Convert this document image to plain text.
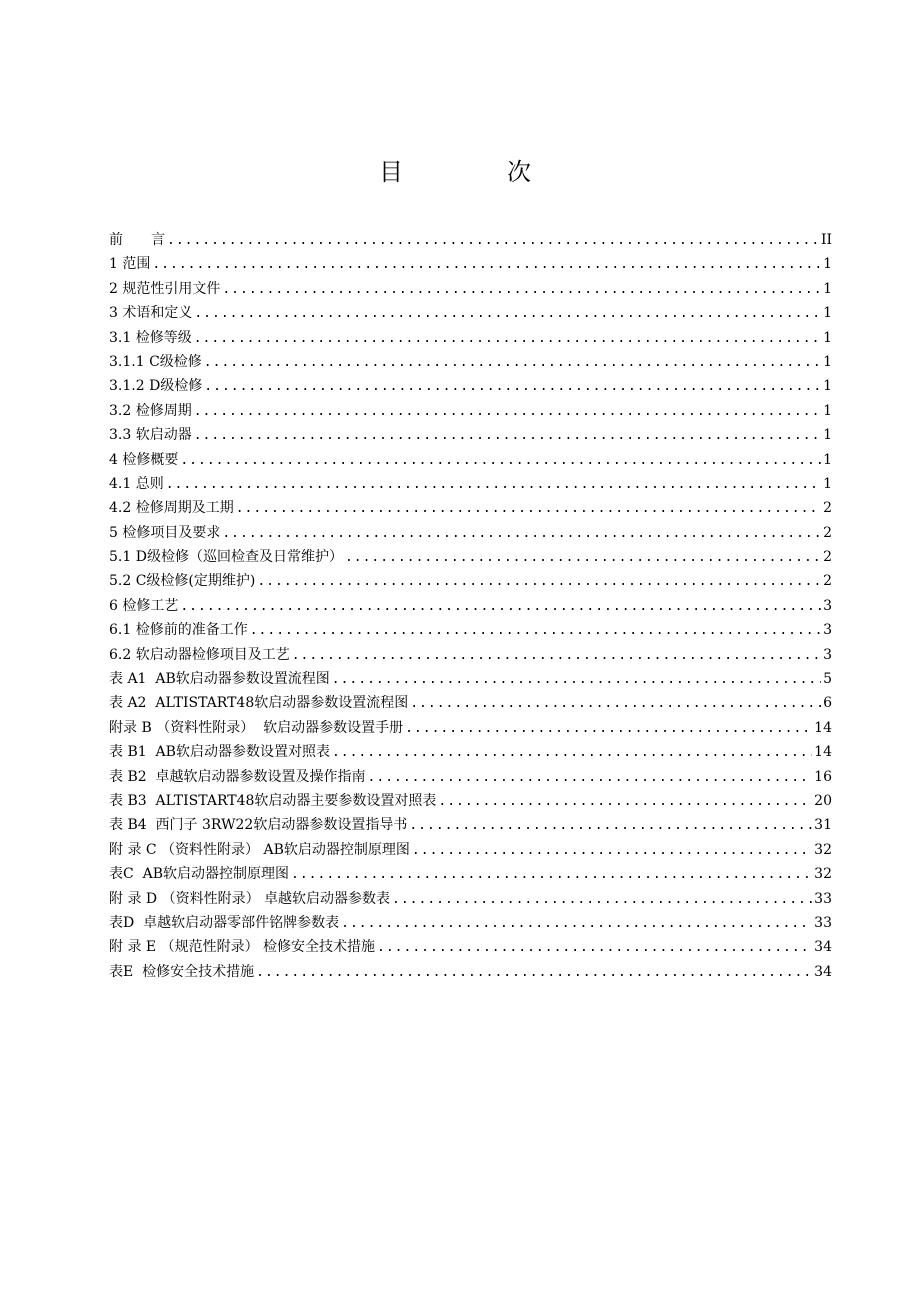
目　次
前　　言 .....	II
1 范围 .....	1
2 规范性引用文件 .....	1
3 术语和定义 .....	1
3.1 检修等级 .....	1
3.1.1 C级检修 .....	1
3.1.2 D级检修 .....	1
3.2 检修周期 .....	1
3.3 软启动器 .....	1
4 检修概要 .....	1
4.1 总则 .....	1
4.2 检修周期及工期 .....	2
5 检修项目及要求 .....	2
5.1 D级检修（巡回检查及日常维护） .....	2
5.2 C级检修(定期维护) .....	2
6 检修工艺 .....	3
6.1 检修前的准备工作 .....	3
6.2 软启动器检修项目及工艺 .....	3
表 A1  AB软启动器参数设置流程图 .....	5
表 A2  ALTISTART48软启动器参数设置流程图 .....	6
附录 B （资料性附录）  软启动器参数设置手册 .....	14
表 B1  AB软启动器参数设置对照表 .....	14
表 B2  卓越软启动器参数设置及操作指南 .....	16
表 B3  ALTISTART48软启动器主要参数设置对照表 .....	20
表 B4  西门子 3RW22软启动器参数设置指导书 .....	31
附 录 C （资料性附录） AB软启动器控制原理图 .....	32
表C  AB软启动器控制原理图 .....	32
附 录 D （资料性附录） 卓越软启动器参数表 .....	33
表D  卓越软启动器零部件铭牌参数表 .....	33
附 录 E （规范性附录） 检修安全技术措施 .....	34
表E  检修安全技术措施 .....	34
